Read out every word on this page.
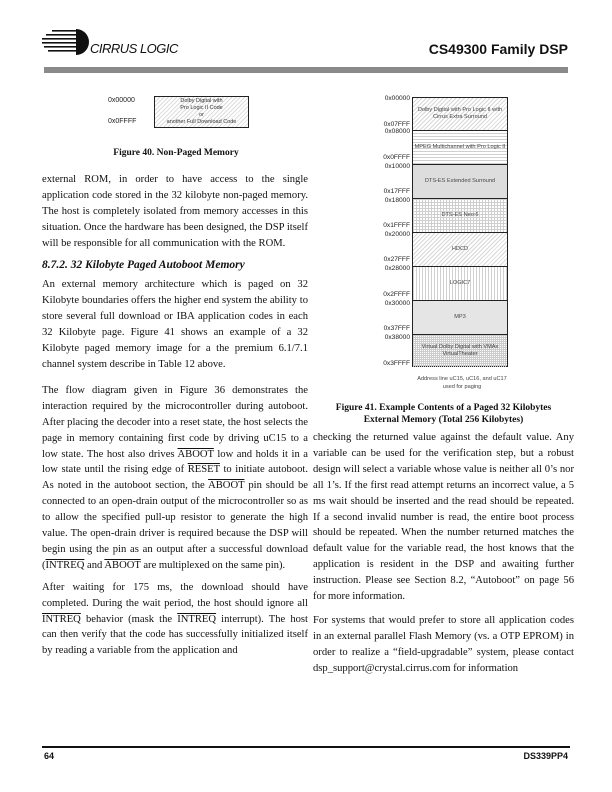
CIRRUS LOGIC	CS49300 Family DSP
0x00000
0x0FFFF
Dolby Digital with
Pro Logic II Code
or
another Full Download Code
Figure 40. Non-Paged Memory

external ROM, in order to have access to the single application code stored in the 32 kilobyte non-paged memory. The host is completely isolated from memory accesses in this situation. Once the hardware has been designed, the DSP itself will be responsible for all communication with the ROM.

8.7.2. 32 Kilobyte Paged Autoboot Memory

An external memory architecture which is paged on 32 Kilobyte boundaries offers the higher end system the ability to store several full download or IBA application codes in each 32 Kilobyte page. Figure 41 shows an example of a 32 Kilobyte paged memory image for a the premium 6.1/7.1 channel system describe in Table 12 above.

The flow diagram given in Figure 36 demonstrates the interaction required by the microcontroller during autoboot. After placing the decoder into a reset state, the host selects the page in memory containing first code by driving uC15 to a low state. The host also drives ABOOT low and holds it in a low state until the rising edge of RESET to initiate autoboot. As noted in the autoboot section, the ABOOT pin should be connected to an open-drain output of the microcontroller so as to allow the specified pull-up resistor to generate the high value. The open-drain driver is required because the DSP will begin using the pin as an output after a successful download (INTREQ and ABOOT are multiplexed on the same pin).

After waiting for 175 ms, the download should have completed. During the wait period, the host should ignore all INTREQ behavior (mask the INTREQ interrupt). The host can then verify that the code has successfully initialized itself by reading a variable from the application and

0x00000
0x07FFF
0x08000
0x0FFFF
0x10000
0x17FFF
0x18000
0x1FFFF
0x20000
0x27FFF
0x28000
0x2FFFF
0x30000
0x37FFF
0x38000
0x3FFFF
Dolby Digital with Pro Logic II with Cirrus Extra Surround
MPEG Multichannel with Pro Logic II
DTS-ES Extended Surround
DTS-ES Neo:6
HDCD
LOGIC7
MP3
Virtual Dolby Digital with VMAx VirtualTheater
Address line uC15, uC16, and uC17 used for paging
Figure 41. Example Contents of a Paged 32 Kilobytes
External Memory (Total 256 Kilobytes)

checking the returned value against the default value. Any variable can be used for the verification step, but a robust design will select a variable whose value is neither all 0’s nor all 1’s. If the first read attempt returns an incorrect value, a 5 ms wait should be inserted and the read should be repeated. If a second invalid number is read, the entire boot process should be repeated. When the number returned matches the default value for the variable read, the host knows that the application is resident in the DSP and awaiting further instruction. Please see Section 8.2, “Autoboot” on page 56 for more information.

For systems that would prefer to store all application codes in an external parallel Flash Memory (vs. a OTP EPROM) in order to realize a “field-upgradable” system, please contact dsp_support@crystal.cirrus.com for information

64	DS339PP4
